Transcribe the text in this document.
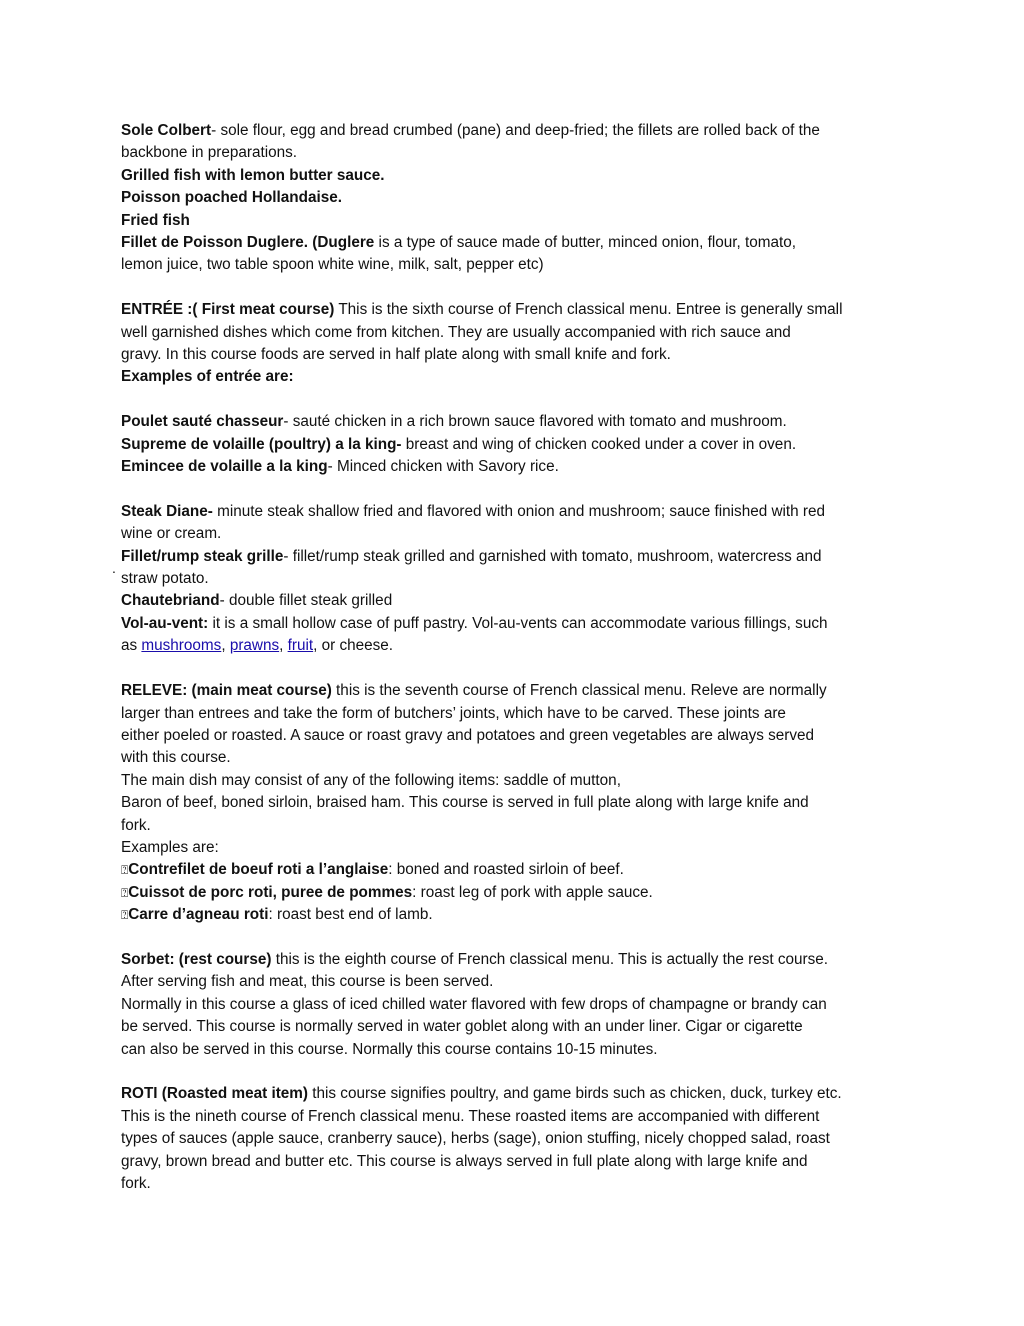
Sole Colbert- sole flour, egg and bread crumbed (pane) and deep-fried; the fillets are rolled back of the
backbone in preparations.
Grilled fish with lemon butter sauce.
Poisson poached Hollandaise.
Fried fish
Fillet de Poisson Duglere. (Duglere is a type of sauce made of butter, minced onion, flour, tomato,
lemon juice, two table spoon white wine, milk, salt, pepper etc)
ENTRÉE :( First meat course) This is the sixth course of French classical menu. Entree is generally small
well garnished dishes which come from kitchen. They are usually accompanied with rich sauce and
gravy. In this course foods are served in half plate along with small knife and fork.
Examples of entrée are:
Poulet sauté chasseur- sauté chicken in a rich brown sauce flavored with tomato and mushroom.
Supreme de volaille (poultry) a la king- breast and wing of chicken cooked under a cover in oven.
Emincee de volaille a la king- Minced chicken with Savory rice.
Steak Diane- minute steak shallow fried and flavored with onion and mushroom; sauce finished with red
wine or cream.
Fillet/rump steak grille- fillet/rump steak grilled and garnished with tomato, mushroom, watercress and
straw potato.
Chautebriand- double fillet steak grilled
Vol-au-vent: it is a small hollow case of puff pastry. Vol-au-vents can accommodate various fillings, such
as mushrooms, prawns, fruit, or cheese.
RELEVE: (main meat course) this is the seventh course of French classical menu. Releve are normally
larger than entrees and take the form of butchers’ joints, which have to be carved. These joints are
either poeled or roasted. A sauce or roast gravy and potatoes and green vegetables are always served
with this course.
The main dish may consist of any of the following items: saddle of mutton,
Baron of beef, boned sirloin, braised ham. This course is served in full plate along with large knife and
fork.
Examples are:
⍰Contrefilet de boeuf roti a l’anglaise: boned and roasted sirloin of beef.
⍰Cuissot de porc roti, puree de pommes: roast leg of pork with apple sauce.
⍰Carre d’agneau roti: roast best end of lamb.
Sorbet: (rest course) this is the eighth course of French classical menu. This is actually the rest course.
After serving fish and meat, this course is been served.
Normally in this course a glass of iced chilled water flavored with few drops of champagne or brandy can
be served. This course is normally served in water goblet along with an under liner. Cigar or cigarette
can also be served in this course. Normally this course contains 10-15 minutes.
ROTI (Roasted meat item) this course signifies poultry, and game birds such as chicken, duck, turkey etc.
This is the nineth course of French classical menu. These roasted items are accompanied with different
types of sauces (apple sauce, cranberry sauce), herbs (sage), onion stuffing, nicely chopped salad, roast
gravy, brown bread and butter etc. This course is always served in full plate along with large knife and
fork.
.
